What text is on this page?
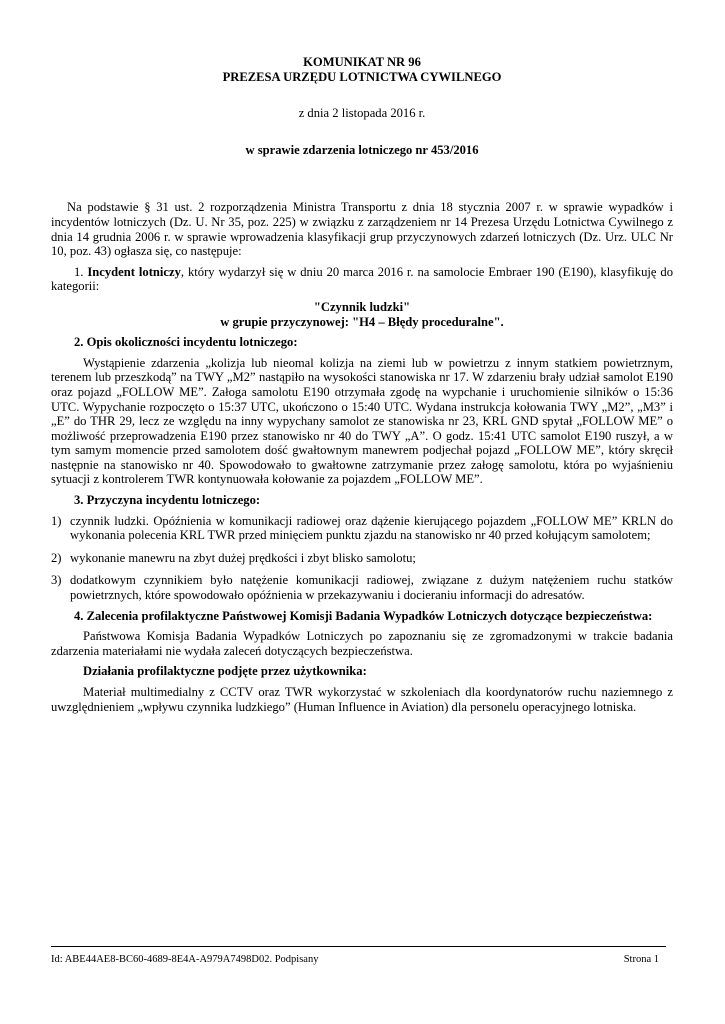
KOMUNIKAT NR 96

PREZESA URZĘDU LOTNICTWA CYWILNEGO

z dnia 2 listopada 2016 r.

w sprawie zdarzenia lotniczego nr 453/2016

Na podstawie § 31 ust. 2 rozporządzenia Ministra Transportu z dnia 18 stycznia 2007 r. w sprawie wypadków i incydentów lotniczych (Dz. U. Nr 35, poz. 225) w związku z zarządzeniem nr 14 Prezesa Urzędu Lotnictwa Cywilnego z dnia 14 grudnia 2006 r. w sprawie wprowadzenia klasyfikacji grup przyczynowych zdarzeń lotniczych (Dz. Urz. ULC Nr 10, poz. 43) ogłasza się, co następuje:

1. Incydent lotniczy, który wydarzył się w dniu 20 marca 2016 r. na samolocie Embraer 190 (E190), klasyfikuję do kategorii:

"Czynnik ludzki"

w grupie przyczynowej: "H4 – Błędy proceduralne".

2. Opis okoliczności incydentu lotniczego:

Wystąpienie zdarzenia „kolizja lub nieomal kolizja na ziemi lub w powietrzu z innym statkiem powietrznym, terenem lub przeszkodą” na TWY „M2” nastąpiło na wysokości stanowiska nr 17. W zdarzeniu brały udział samolot E190 oraz pojazd „FOLLOW ME”. Załoga samolotu E190 otrzymała zgodę na wypchanie i uruchomienie silników o 15:36 UTC. Wypychanie rozpoczęto o 15:37 UTC, ukończono o 15:40 UTC. Wydana instrukcja kołowania TWY „M2”, „M3” i „E” do THR 29, lecz ze względu na inny wypychany samolot ze stanowiska nr 23, KRL GND spytał „FOLLOW ME” o możliwość przeprowadzenia E190 przez stanowisko nr 40 do TWY „A”. O godz. 15:41 UTC samolot E190 ruszył, a w tym samym momencie przed samolotem dość gwałtownym manewrem podjechał pojazd „FOLLOW ME”, który skręcił następnie na stanowisko nr 40. Spowodowało to gwałtowne zatrzymanie przez załogę samolotu, która po wyjaśnieniu sytuacji z kontrolerem TWR kontynuowała kołowanie za pojazdem „FOLLOW ME”.

3. Przyczyna incydentu lotniczego:

1) czynnik ludzki. Opóźnienia w komunikacji radiowej oraz dążenie kierującego pojazdem „FOLLOW ME” KRLN do wykonania polecenia KRL TWR przed minięciem punktu zjazdu na stanowisko nr 40 przed kołującym samolotem;
2) wykonanie manewru na zbyt dużej prędkości i zbyt blisko samolotu;
3) dodatkowym czynnikiem było natężenie komunikacji radiowej, związane z dużym natężeniem ruchu statków powietrznych, które spowodowało opóźnienia w przekazywaniu i docieraniu informacji do adresatów.

4. Zalecenia profilaktyczne Państwowej Komisji Badania Wypadków Lotniczych dotyczące bezpieczeństwa:

Państwowa Komisja Badania Wypadków Lotniczych po zapoznaniu się ze zgromadzonymi w trakcie badania zdarzenia materiałami nie wydała zaleceń dotyczących bezpieczeństwa.

Działania profilaktyczne podjęte przez użytkownika:

Materiał multimedialny z CCTV oraz TWR wykorzystać w szkoleniach dla koordynatorów ruchu naziemnego z uwzględnieniem „wpływu czynnika ludzkiego” (Human Influence in Aviation) dla personelu operacyjnego lotniska.

Id: ABE44AE8-BC60-4689-8E4A-A979A7498D02. Podpisany	Strona 1
